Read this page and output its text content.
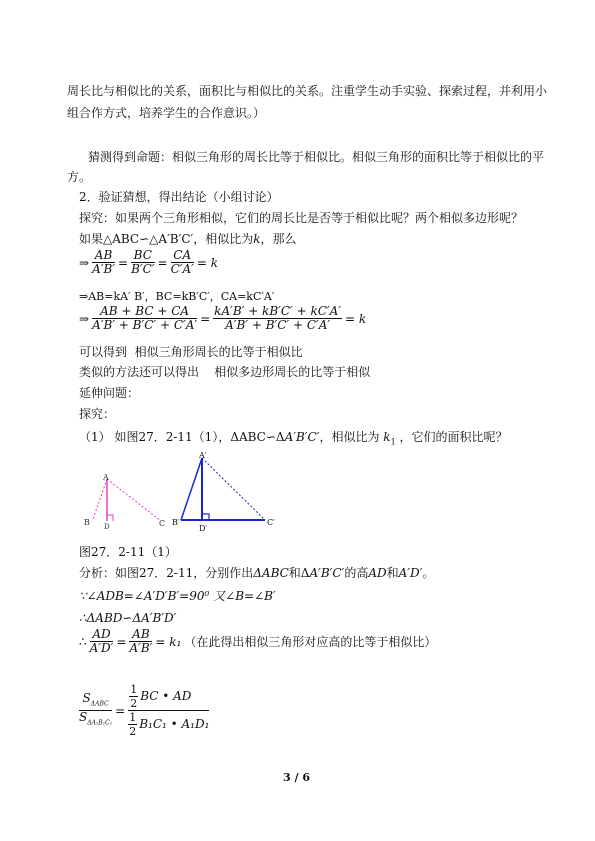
周长比与相似比的关系，面积比与相似比的关系。注重学生动手实验、探索过程，并利用小
组合作方式，培养学生的合作意识。）
猜测得到命题：相似三角形的周长比等于相似比。相似三角形的面积比等于相似比的平
方。
2．验证猜想，得出结论（小组讨论）
探究：如果两个三角形相似，它们的周长比是否等于相似比呢？两个相似多边形呢？
如果△ABC∽△A′B′C′，相似比为k，那么
⇒ $\frac{AB}{A'B'} = \frac{BC}{B'C'} = \frac{CA}{C'A'} = k$
⇒AB=kA′ B′，BC=kB′C′，CA=kC′A′
⇒ $\frac{AB + BC + CA}{A'B' + B'C' + C'A'} = \frac{kA'B' + kB'C' + kC'A'}{A'B' + B'C' + C'A'} = k$
可以得到 相似三角形周长的比等于相似比
类似的方法还可以得出 相似多边形周长的比等于相似
延伸问题：
探究：
（1） 如图27．2-11（1），ΔABC∽ΔA′B′C′，相似比为 $k_1$ ，它们的面积比呢？
A
B D	C
A′
B′
D′
C′
图27．2-11（1）
分析：如图27．2-11，分别作出ΔABC和ΔA′B′C′的高AD和A′D′。
∵∠ADB=∠A′D′B′=90⁰ 又∠B=∠B′
∴ΔABD∽ΔA′B′D′
∴ $\frac{AD}{A'D'} = \frac{AB}{A'B'} = k_1$ （在此得出相似三角形对应高的比等于相似比）
$\frac{S_{\Delta ABC}}{S_{\Delta A_1B_1C_1}} = \frac{\frac{1}{2} BC • AD}{\frac{1}{2} B_1C_1 • A_1D_1}$
3 / 6
